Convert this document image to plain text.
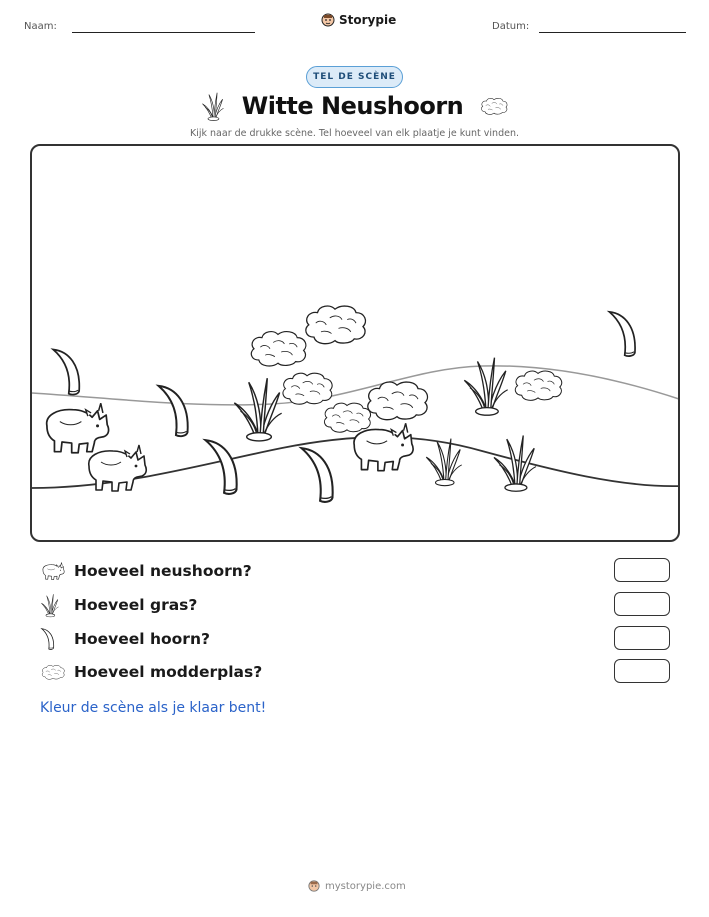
Naam:	Storypie	Datum:
TEL DE SCÈNE
Witte Neushoorn
Kijk naar de drukke scène. Tel hoeveel van elk plaatje je kunt vinden.
Hoeveel neushoorn?
Hoeveel gras?
Hoeveel hoorn?
Hoeveel modderplas?
Kleur de scène als je klaar bent!
mystorypie.com
